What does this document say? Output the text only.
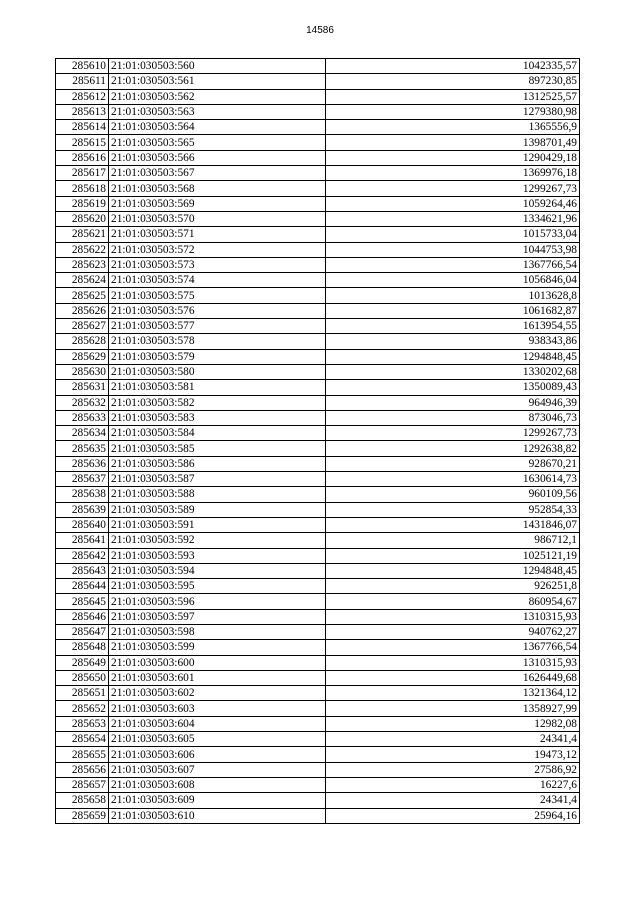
14586
285610	21:01:030503:560	1042335,57
285611	21:01:030503:561	897230,85
285612	21:01:030503:562	1312525,57
285613	21:01:030503:563	1279380,98
285614	21:01:030503:564	1365556,9
285615	21:01:030503:565	1398701,49
285616	21:01:030503:566	1290429,18
285617	21:01:030503:567	1369976,18
285618	21:01:030503:568	1299267,73
285619	21:01:030503:569	1059264,46
285620	21:01:030503:570	1334621,96
285621	21:01:030503:571	1015733,04
285622	21:01:030503:572	1044753,98
285623	21:01:030503:573	1367766,54
285624	21:01:030503:574	1056846,04
285625	21:01:030503:575	1013628,8
285626	21:01:030503:576	1061682,87
285627	21:01:030503:577	1613954,55
285628	21:01:030503:578	938343,86
285629	21:01:030503:579	1294848,45
285630	21:01:030503:580	1330202,68
285631	21:01:030503:581	1350089,43
285632	21:01:030503:582	964946,39
285633	21:01:030503:583	873046,73
285634	21:01:030503:584	1299267,73
285635	21:01:030503:585	1292638,82
285636	21:01:030503:586	928670,21
285637	21:01:030503:587	1630614,73
285638	21:01:030503:588	960109,56
285639	21:01:030503:589	952854,33
285640	21:01:030503:591	1431846,07
285641	21:01:030503:592	986712,1
285642	21:01:030503:593	1025121,19
285643	21:01:030503:594	1294848,45
285644	21:01:030503:595	926251,8
285645	21:01:030503:596	860954,67
285646	21:01:030503:597	1310315,93
285647	21:01:030503:598	940762,27
285648	21:01:030503:599	1367766,54
285649	21:01:030503:600	1310315,93
285650	21:01:030503:601	1626449,68
285651	21:01:030503:602	1321364,12
285652	21:01:030503:603	1358927,99
285653	21:01:030503:604	12982,08
285654	21:01:030503:605	24341,4
285655	21:01:030503:606	19473,12
285656	21:01:030503:607	27586,92
285657	21:01:030503:608	16227,6
285658	21:01:030503:609	24341,4
285659	21:01:030503:610	25964,16
